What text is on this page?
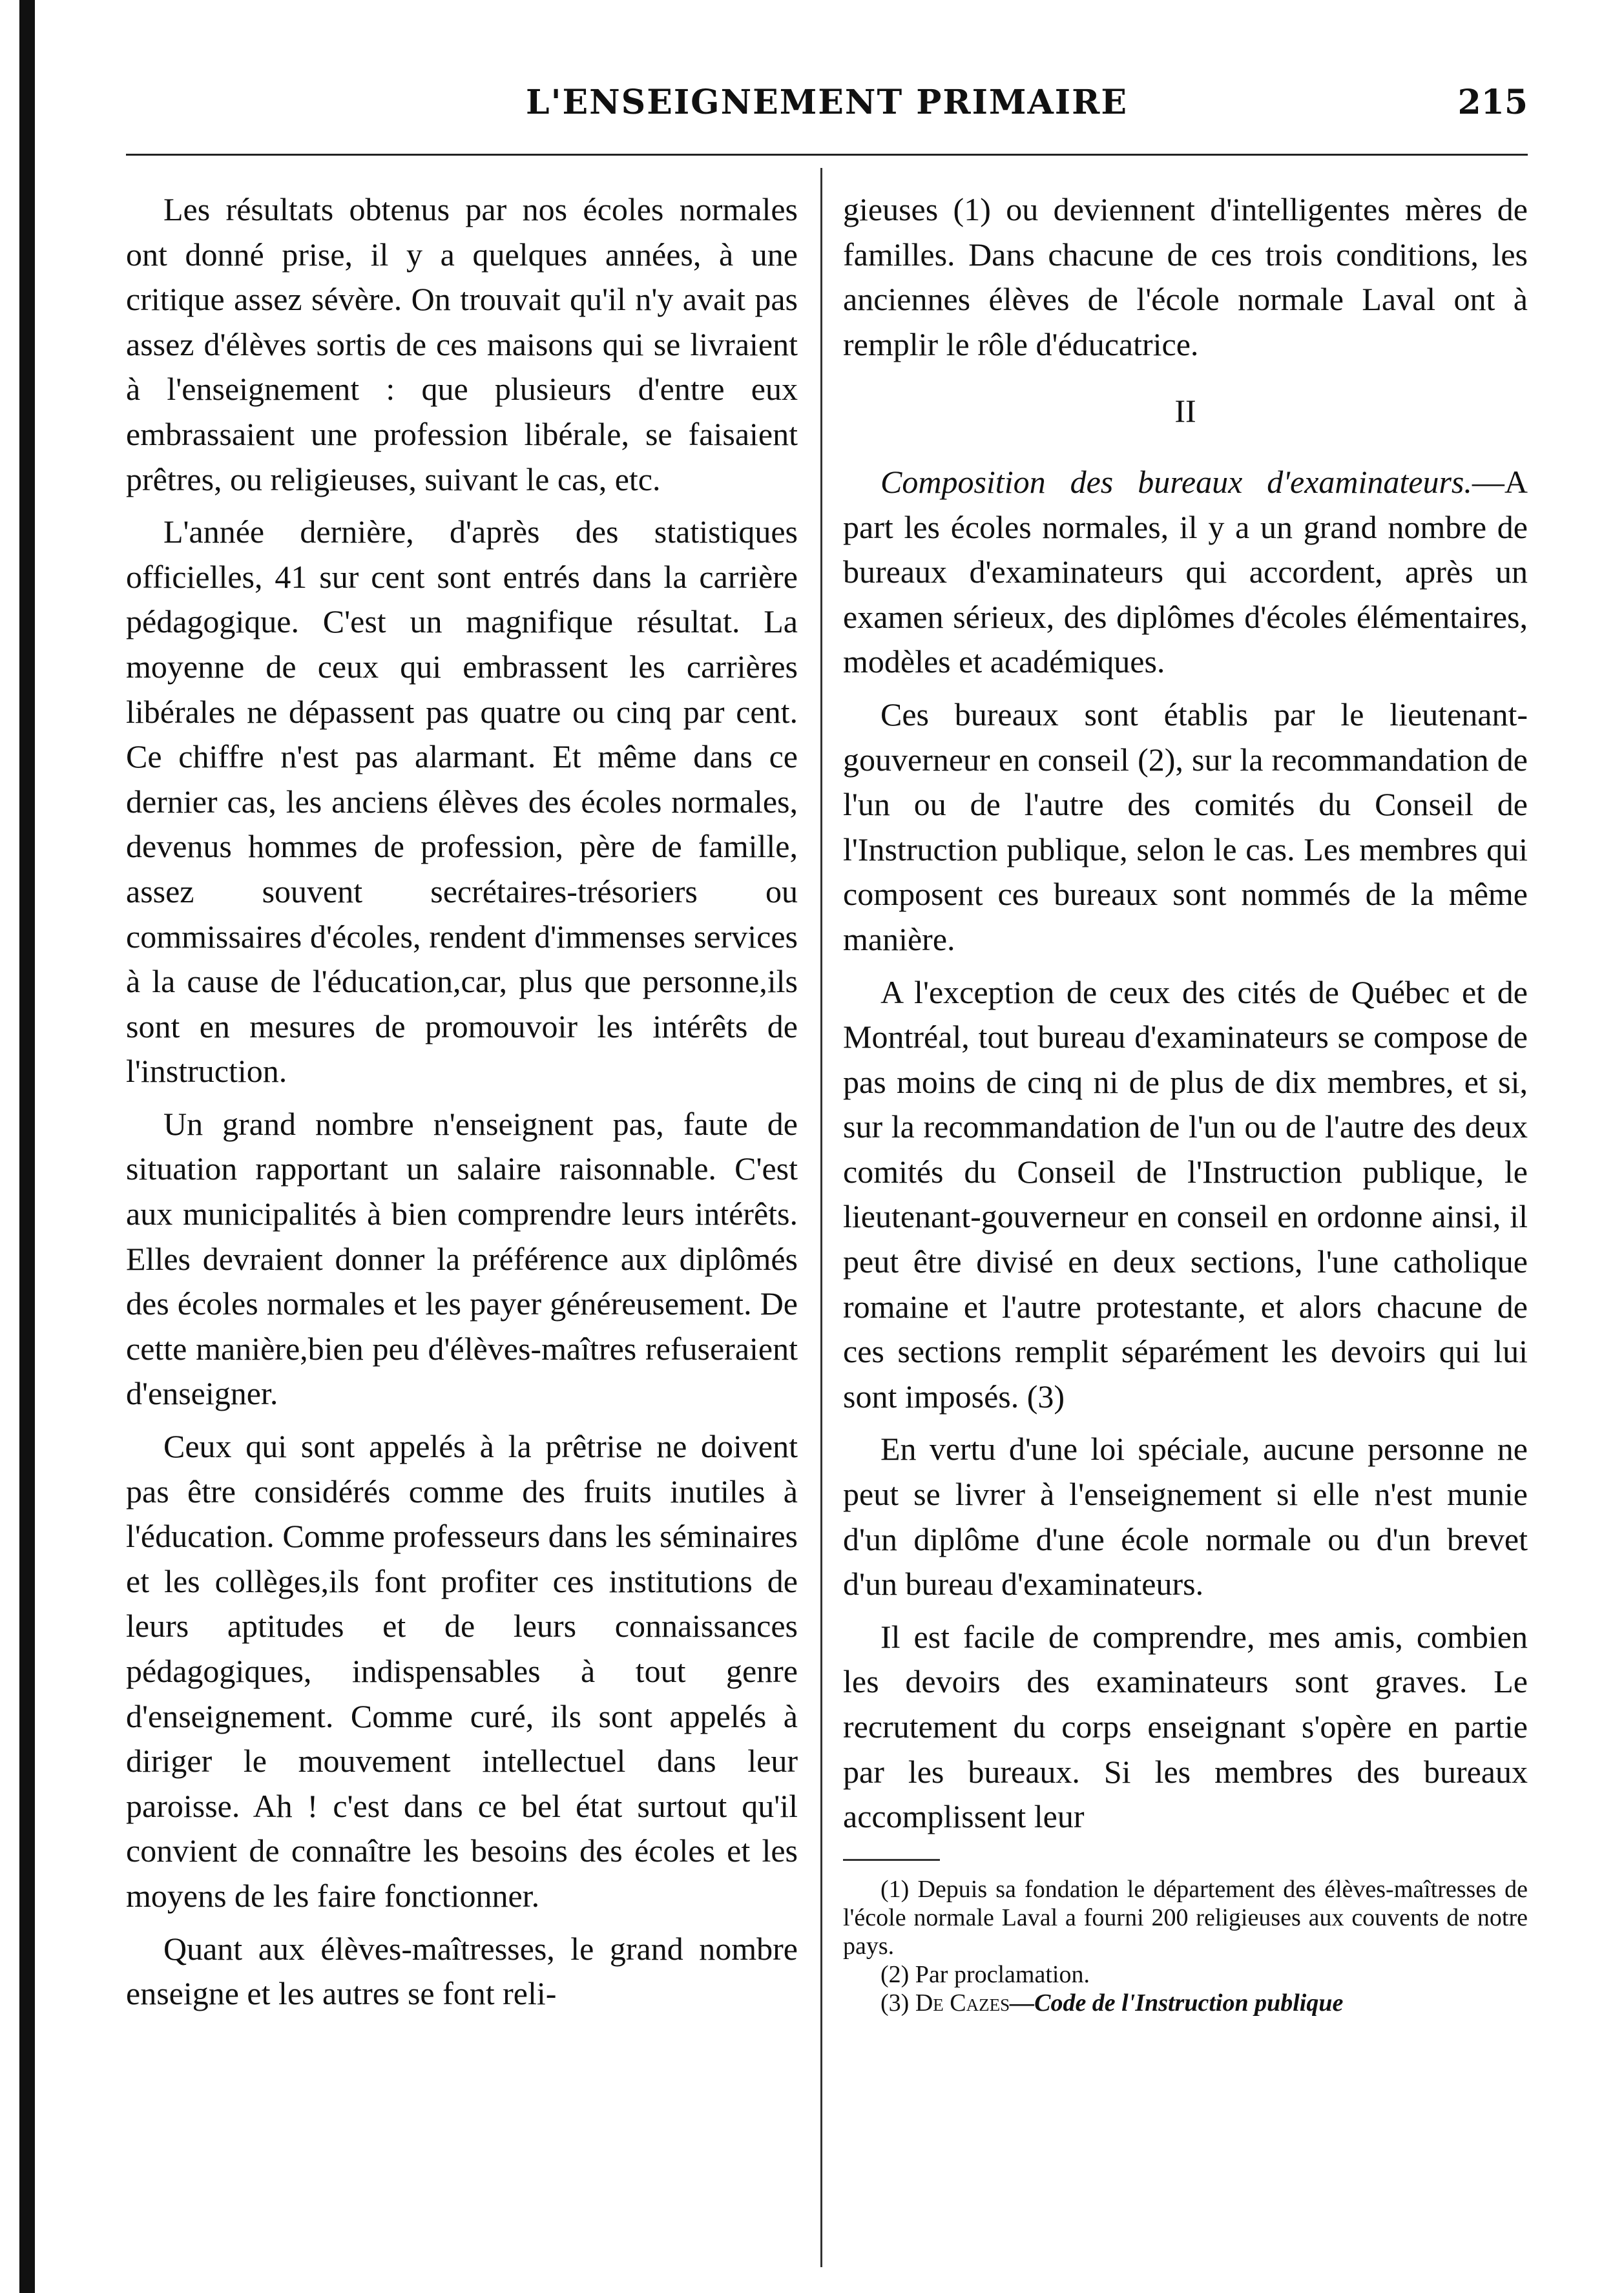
L'ENSEIGNEMENT PRIMAIRE	215

Les résultats obtenus par nos écoles normales ont donné prise, il y a quelques années, à une critique assez sévère. On trouvait qu'il n'y avait pas assez d'élèves sortis de ces maisons qui se livraient à l'enseignement : que plusieurs d'entre eux embrassaient une profession libérale, se faisaient prêtres, ou religieuses, suivant le cas, etc.

L'année dernière, d'après des statistiques officielles, 41 sur cent sont entrés dans la carrière pédagogique. C'est un magnifique résultat. La moyenne de ceux qui embrassent les carrières libérales ne dépassent pas quatre ou cinq par cent. Ce chiffre n'est pas alarmant. Et même dans ce dernier cas, les anciens élèves des écoles normales, devenus hommes de profession, père de famille, assez souvent secrétaires-trésoriers ou commissaires d'écoles, rendent d'immenses services à la cause de l'éducation,car, plus que personne,ils sont en mesures de promouvoir les intérêts de l'instruction.

Un grand nombre n'enseignent pas, faute de situation rapportant un salaire raisonnable. C'est aux municipalités à bien comprendre leurs intérêts. Elles devraient donner la préférence aux diplômés des écoles normales et les payer généreusement. De cette manière,bien peu d'élèves-maîtres refuseraient d'enseigner.

Ceux qui sont appelés à la prêtrise ne doivent pas être considérés comme des fruits inutiles à l'éducation. Comme professeurs dans les séminaires et les collèges,ils font profiter ces institutions de leurs aptitudes et de leurs connaissances pédagogiques, indispensables à tout genre d'enseignement. Comme curé, ils sont appelés à diriger le mouvement intellectuel dans leur paroisse. Ah ! c'est dans ce bel état surtout qu'il convient de connaître les besoins des écoles et les moyens de les faire fonctionner.

Quant aux élèves-maîtresses, le grand nombre enseigne et les autres se font reli-

gieuses (1) ou deviennent d'intelligentes mères de familles. Dans chacune de ces trois conditions, les anciennes élèves de l'école normale Laval ont à remplir le rôle d'éducatrice.

II

Composition des bureaux d'examinateurs.—A part les écoles normales, il y a un grand nombre de bureaux d'examinateurs qui accordent, après un examen sérieux, des diplômes d'écoles élémentaires, modèles et académiques.

Ces bureaux sont établis par le lieutenant-gouverneur en conseil (2), sur la recommandation de l'un ou de l'autre des comités du Conseil de l'Instruction publique, selon le cas. Les membres qui composent ces bureaux sont nommés de la même manière.

A l'exception de ceux des cités de Québec et de Montréal, tout bureau d'examinateurs se compose de pas moins de cinq ni de plus de dix membres, et si, sur la recommandation de l'un ou de l'autre des deux comités du Conseil de l'Instruction publique, le lieutenant-gouverneur en conseil en ordonne ainsi, il peut être divisé en deux sections, l'une catholique romaine et l'autre protestante, et alors chacune de ces sections remplit séparément les devoirs qui lui sont imposés. (3)

En vertu d'une loi spéciale, aucune personne ne peut se livrer à l'enseignement si elle n'est munie d'un diplôme d'une école normale ou d'un brevet d'un bureau d'examinateurs.

Il est facile de comprendre, mes amis, combien les devoirs des examinateurs sont graves. Le recrutement du corps enseignant s'opère en partie par les bureaux. Si les membres des bureaux accomplissent leur

(1) Depuis sa fondation le département des élèves-maîtresses de l'école normale Laval a fourni 200 religieuses aux couvents de notre pays.

(2) Par proclamation.

(3) De Cazes—Code de l'Instruction publique
